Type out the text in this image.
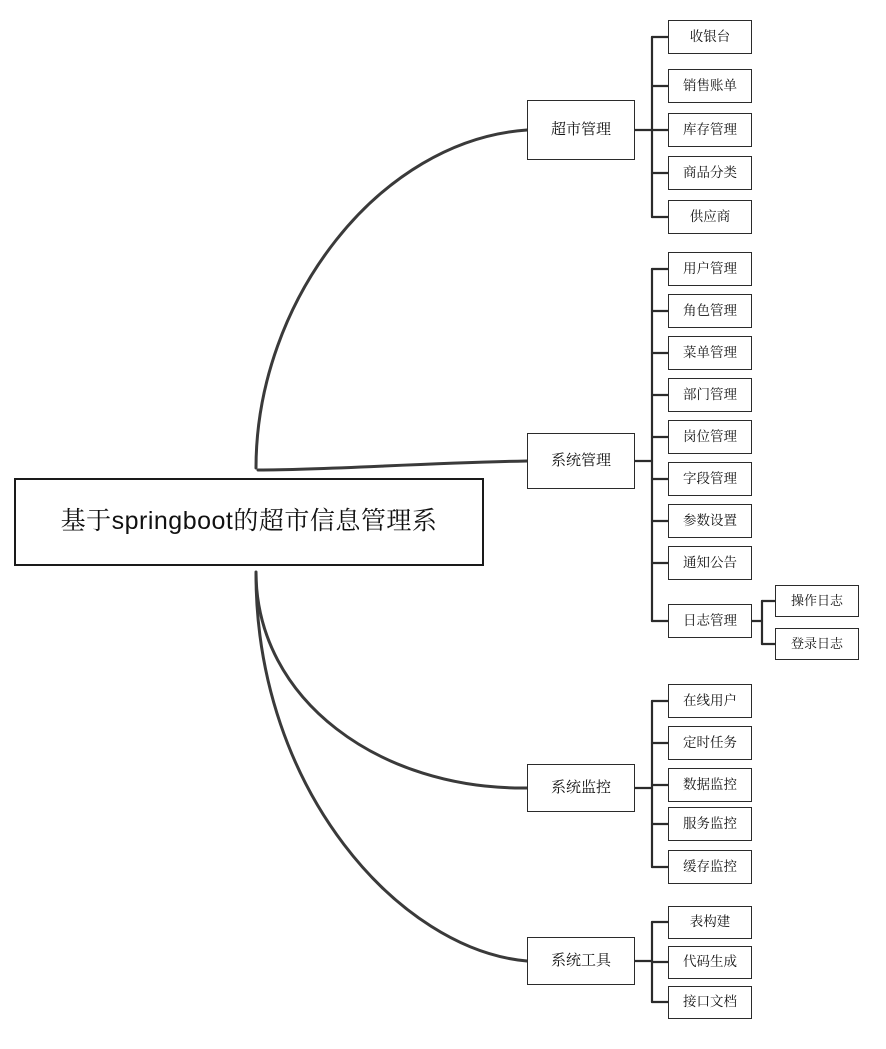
基于springboot的超市信息管理系
超市管理
收银台
销售账单
库存管理
商品分类
供应商
系统管理
用户管理
角色管理
菜单管理
部门管理
岗位管理
字段管理
参数设置
通知公告
日志管理
操作日志
登录日志
系统监控
在线用户
定时任务
数据监控
服务监控
缓存监控
系统工具
表构建
代码生成
接口文档
